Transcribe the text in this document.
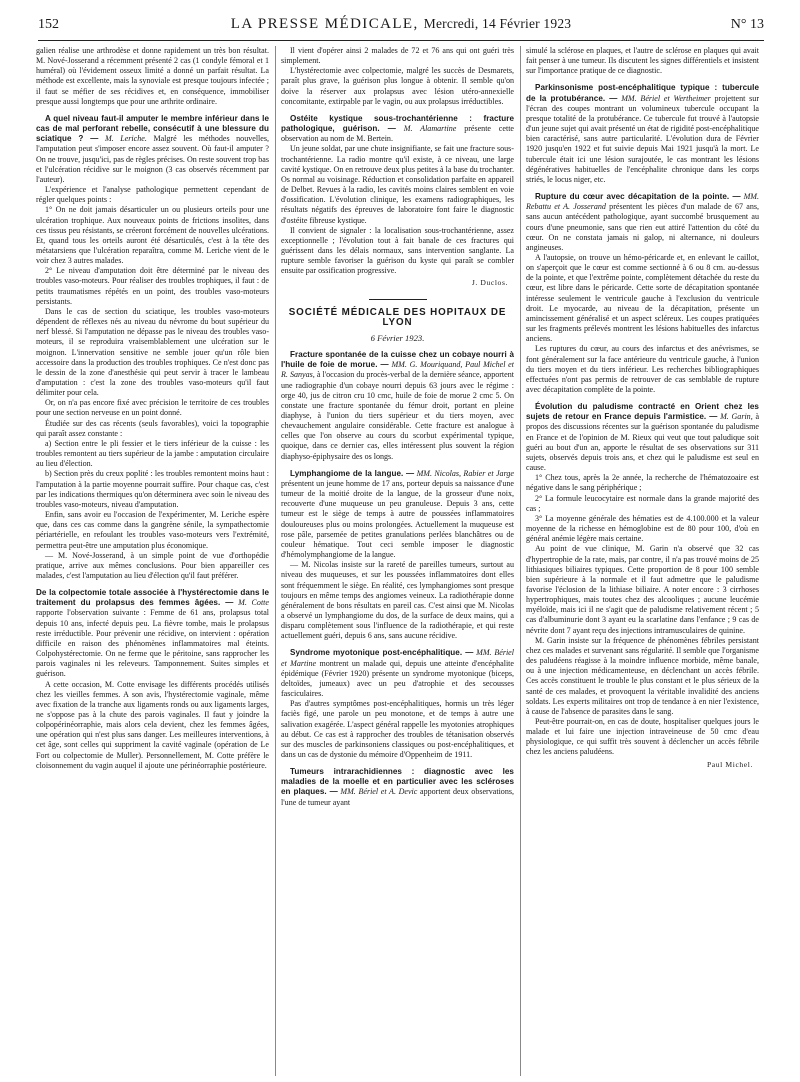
152	LA PRESSE MÉDICALE, Mercredi, 14 Février 1923	N° 13

galien réalise une arthrodèse et donne rapidement un très bon résultat. M. Nové-Josserand a récemment présenté 2 cas (1 condyle fémoral et 1 huméral) où l'évidement osseux limité a donné un parfait résultat. La méthode est excellente, mais la synoviale est presque toujours infectée ; il faut se méfier de ses récidives et, en conséquence, immobiliser presque aussi longtemps que pour une arthrite ordinaire.

A quel niveau faut-il amputer le membre inférieur dans le cas de mal perforant rebelle, consécutif à une blessure du sciatique ? — M. Leriche. Malgré les méthodes nouvelles, l'amputation peut s'imposer encore assez souvent. Où faut-il amputer ? On ne trouve, jusqu'ici, pas de règles précises. On reste souvent trop bas et l'ulcération récidive sur le moignon (3 cas observés récemment par l'auteur).

L'expérience et l'analyse pathologique permettent cependant de régler quelques points :

1° On ne doit jamais désarticuler un ou plusieurs orteils pour une ulcération trophique. Aux nouveaux points de frictions insolites, dans ces tissus peu résistants, se créeront forcément de nouvelles ulcérations. Et, quand tous les orteils auront été désarticulés, c'est à la tête des métatarsiens que l'ulcération reparaîtra, comme M. Leriche vient de le voir chez 3 autres malades.

2° Le niveau d'amputation doit être déterminé par le niveau des troubles vaso-moteurs. Pour réaliser des troubles trophiques, il faut : de petits traumatismes répétés en un point, des troubles vaso-moteurs persistants.

Dans le cas de section du sciatique, les troubles vaso-moteurs dépendent de réflexes nés au niveau du névrome du bout supérieur du nerf blessé. Si l'amputation ne dépasse pas le niveau des troubles vaso-moteurs, il se reproduira vraisemblablement une ulcération sur le moignon. L'innervation sensitive ne semble jouer qu'un rôle bien accessoire dans la production des troubles trophiques. Ce n'est donc pas le dessin de la zone d'anesthésie qui peut servir à tracer le lambeau d'amputation : c'est la zone des troubles vaso-moteurs qu'il faut délimiter pour cela.

Or, on n'a pas encore fixé avec précision le territoire de ces troubles pour une section nerveuse en un point donné.

Étudiée sur des cas récents (seuls favorables), voici la topographie qui paraît assez constante :

a) Section entre le pli fessier et le tiers inférieur de la cuisse : les troubles remontent au tiers supérieur de la jambe : amputation circulaire au lieu d'élection.

b) Section près du creux poplité : les troubles remontent moins haut : l'amputation à la partie moyenne pourrait suffire. Pour chaque cas, c'est par les indications thermiques qu'on déterminera avec soin le niveau des troubles vaso-moteurs, niveau d'amputation.

Enfin, sans avoir eu l'occasion de l'expérimenter, M. Leriche espère que, dans ces cas comme dans la gangrène sénile, la sympathectomie périartérielle, en refoulant les troubles vaso-moteurs vers l'extrémité, permettra peut-être une amputation plus économique.

— M. Nové-Josserand, à un simple point de vue d'orthopédie pratique, arrive aux mêmes conclusions. Pour bien appareiller ces malades, c'est l'amputation au lieu d'élection qu'il faut préférer.

De la colpectomie totale associée à l'hystérectomie dans le traitement du prolapsus des femmes âgées. — M. Cotte rapporte l'observation suivante : Femme de 61 ans, prolapsus total depuis 10 ans, infecté depuis peu. La fièvre tombe, mais le prolapsus reste irréductible. Pour prévenir une récidive, on intervient : opération difficile en raison des phénomènes inflammatoires mal éteints. Colpohystérectomie. On ne ferme que le péritoine, sans rapprocher les parois vaginales ni les releveurs. Tamponnement. Suites simples et guérison.

A cette occasion, M. Cotte envisage les différents procédés utilisés chez les vieilles femmes. A son avis, l'hystérectomie vaginale, même avec fixation de la tranche aux ligaments ronds ou aux ligaments larges, ne s'oppose pas à la chute des parois vaginales. Il faut y joindre la colpopérinéorraphie, mais alors cela devient, chez les femmes âgées, une opération qui n'est plus sans danger. Les meilleures interventions, à cet âge, sont celles qui suppriment la cavité vaginale (opération de Le Fort ou colpectomie de Muller). Personnellement, M. Cotte préfère le cloisonnement du vagin auquel il ajoute une périnéorraphie postérieure.

Il vient d'opérer ainsi 2 malades de 72 et 76 ans qui ont guéri très simplement.

L'hystérectomie avec colpectomie, malgré les succès de Desmarets, paraît plus grave, la guérison plus longue à obtenir. Il semble qu'on doive la réserver aux prolapsus avec lésion utéro-annexielle concomitante, extirpable par le vagin, ou aux prolapsus irréductibles.

Ostéite kystique sous-trochantérienne : fracture pathologique, guérison. — M. Alamartine présente cette observation au nom de M. Bertein.

Un jeune soldat, par une chute insignifiante, se fait une fracture sous-trochantérienne. La radio montre qu'il existe, à ce niveau, une large cavité kystique. On en retrouve deux plus petites à la base du trochanter. Os normal au voisinage. Réduction et consolidation parfaite en appareil de Delbet. Revues à la radio, les cavités moins claires semblent en voie d'ossification. L'évolution clinique, les examens radiographiques, les résultats négatifs des épreuves de laboratoire font faire le diagnostic d'ostéite fibreuse kystique.

Il convient de signaler : la localisation sous-trochantérienne, assez exceptionnelle ; l'évolution tout à fait banale de ces fractures qui guérissent dans les délais normaux, sans intervention sanglante. La rupture semble favoriser la guérison du kyste qui paraît se combler ensuite par ossification progressive.

J. Duclos.
SOCIÉTÉ MÉDICALE DES HOPITAUX DE LYON

6 Février 1923.

Fracture spontanée de la cuisse chez un cobaye nourri à l'huile de foie de morue. — MM. G. Mouriquand, Paul Michel et R. Sanyas, à l'occasion du procès-verbal de la dernière séance, apportent une radiographie d'un cobaye nourri depuis 63 jours avec le régime : orge 40, jus de citron cru 10 cmc, huile de foie de morue 2 cmc 5. On constate une fracture spontanée du fémur droit, portant en pleine diaphyse, à l'union du tiers supérieur et du tiers moyen, avec chevauchement angulaire considérable. Cette fracture est analogue à celles que l'on observe au cours du scorbut expérimental typique, quoique, dans ce dernier cas, elles intéressent plus souvent la région diaphyso-épiphysaire des os longs.

Lymphangiome de la langue. — MM. Nicolas, Rabier et Jarge présentent un jeune homme de 17 ans, porteur depuis sa naissance d'une tumeur de la moitié droite de la langue, de la grosseur d'une noix, recouverte d'une muqueuse un peu granuleuse. Depuis 3 ans, cette tumeur est le siège de temps à autre de poussées inflammatoires douloureuses plus ou moins prolongées. Actuellement la muqueuse est rose pâle, parsemée de petites granulations perlées blanchâtres ou de couleur hématique. Tout ceci semble imposer le diagnostic d'hémolymphangiome de la langue.

— M. Nicolas insiste sur la rareté de pareilles tumeurs, surtout au niveau des muqueuses, et sur les poussées inflammatoires dont elles sont fréquemment le siège. En réalité, ces lymphangiomes sont presque toujours en même temps des angiomes veineux. La radiothérapie donne généralement de bons résultats en pareil cas. C'est ainsi que M. Nicolas a observé un lymphangiome du dos, de la surface de deux mains, qui a disparu complètement sous l'influence de la radiothérapie, et qui reste actuellement guéri, depuis 6 ans, sans aucune récidive.

Syndrome myotonique post-encéphalitique. — MM. Bériel et Martine montrent un malade qui, depuis une atteinte d'encéphalite épidémique (Février 1920) présente un syndrome myotonique (biceps, deltoïdes, jumeaux) avec un peu d'atrophie et des secousses fasciculaires.

Pas d'autres symptômes post-encéphalitiques, hormis un très léger faciès figé, une parole un peu monotone, et de temps à autre une salivation exagérée. L'aspect général rappelle les myotonies atrophiques au début. Ce cas est à rapprocher des troubles de tétanisation observés sur des muscles de parkinsoniens classiques ou post-encéphalitiques, et dans un cas de dystonie du mémoire d'Oppenheim de 1911.

Tumeurs intrarachidiennes : diagnostic avec les maladies de la moelle et en particulier avec les scléroses en plaques. — MM. Bériel et A. Devic apportent deux observations, l'une de tumeur ayant

simulé la sclérose en plaques, et l'autre de sclérose en plaques qui avait fait penser à une tumeur. Ils discutent les signes différentiels et insistent sur l'importance pratique de ce diagnostic.

Parkinsonisme post-encéphalitique typique : tubercule de la protubérance. — MM. Bériel et Wertheimer projettent sur l'écran des coupes montrant un volumineux tubercule occupant la presque totalité de la protubérance. Ce tubercule fut trouvé à l'autopsie d'un jeune sujet qui avait présenté un état de rigidité post-encéphalitique bien caractérisé, sans autre particularité. L'évolution dura de Février 1920 jusqu'en 1922 et fut suivie depuis Mai 1921 jusqu'à la mort. Le tubercule était ici une lésion surajoutée, le cas montrant les lésions dégénératives habituelles de l'encéphalite chronique dans les corps striés, le locus niger, etc.

Rupture du cœur avec décapitation de la pointe. — MM. Rebattu et A. Josserand présentent les pièces d'un malade de 67 ans, sans aucun antécédent pathologique, ayant succombé brusquement au cours d'une pneumonie, sans que rien eut attiré l'attention du côté du cœur. On ne constata jamais ni galop, ni alternance, ni douleurs angineuses.

A l'autopsie, on trouve un hémo-péricarde et, en enlevant le caillot, on s'aperçoit que le cœur est comme sectionné à 6 ou 8 cm. au-dessus de la pointe, et que l'extrême pointe, complètement détachée du reste du cœur, est libre dans le péricarde. Cette sorte de décapitation spontanée intéresse seulement le ventricule gauche à l'exclusion du ventricule droit. Le myocarde, au niveau de la décapitation, présente un amincissement généralisé et un aspect scléreux. Les coupes pratiquées sur les fragments prélevés montrent les lésions habituelles des infarctus anciens.

Les ruptures du cœur, au cours des infarctus et des anévrismes, se font généralement sur la face antérieure du ventricule gauche, à l'union du tiers moyen et du tiers inférieur. Les recherches bibliographiques effectuées n'ont pas permis de retrouver de cas semblable de rupture avec décapitation complète de la pointe.

Évolution du paludisme contracté en Orient chez les sujets de retour en France depuis l'armistice. — M. Garin, à propos des discussions récentes sur la guérison spontanée du paludisme en France et de l'opinion de M. Rieux qui veut que tout paludique soit guéri au bout d'un an, apporte le résultat de ses observations sur 311 sujets, observés depuis trois ans, et chez qui le paludisme est seul en cause.

1° Chez tous, après la 2e année, la recherche de l'hématozoaire est négative dans le sang périphérique ;

2° La formule leucocytaire est normale dans la grande majorité des cas ;

3° La moyenne générale des hématies est de 4.100.000 et la valeur moyenne de la richesse en hémoglobine est de 80 pour 100, d'où en général anémie légère mais certaine.

Au point de vue clinique, M. Garin n'a observé que 32 cas d'hypertrophie de la rate, mais, par contre, il n'a pas trouvé moins de 25 lithiasiques biliaires typiques. Cette proportion de 8 pour 100 semble bien supérieure à la normale et il faut admettre que le paludisme favorise l'éclosion de la lithiase biliaire. A noter encore : 3 cirrhoses hypertrophiques, mais toutes chez des alcooliques ; aucune leucémie myéloïde, mais ici il ne s'agit que de paludisme relativement récent ; 5 cas d'albuminurie dont 3 ayant eu la scarlatine dans l'enfance ; 9 cas de névrite dont 7 ayant reçu des injections intramusculaires de quinine.

M. Garin insiste sur la fréquence de phénomènes fébriles persistant chez ces malades et survenant sans régularité. Il semble que l'organisme des paludéens réagisse à la moindre influence morbide, même banale, ou à une injection médicamenteuse, en déclenchant un accès fébrile. Ces accès constituent le trouble le plus constant et le plus sérieux de la santé de ces malades, et provoquent la véritable invalidité des anciens soldats. Les experts militaires ont trop de tendance à en nier l'existence, à cause de l'absence de parasites dans le sang.

Peut-être pourrait-on, en cas de doute, hospitaliser quelques jours le malade et lui faire une injection intraveineuse de 50 cmc d'eau physiologique, ce qui suffit très souvent à déclencher un accès fébrile chez les anciens paludéens.

Paul Michel.
